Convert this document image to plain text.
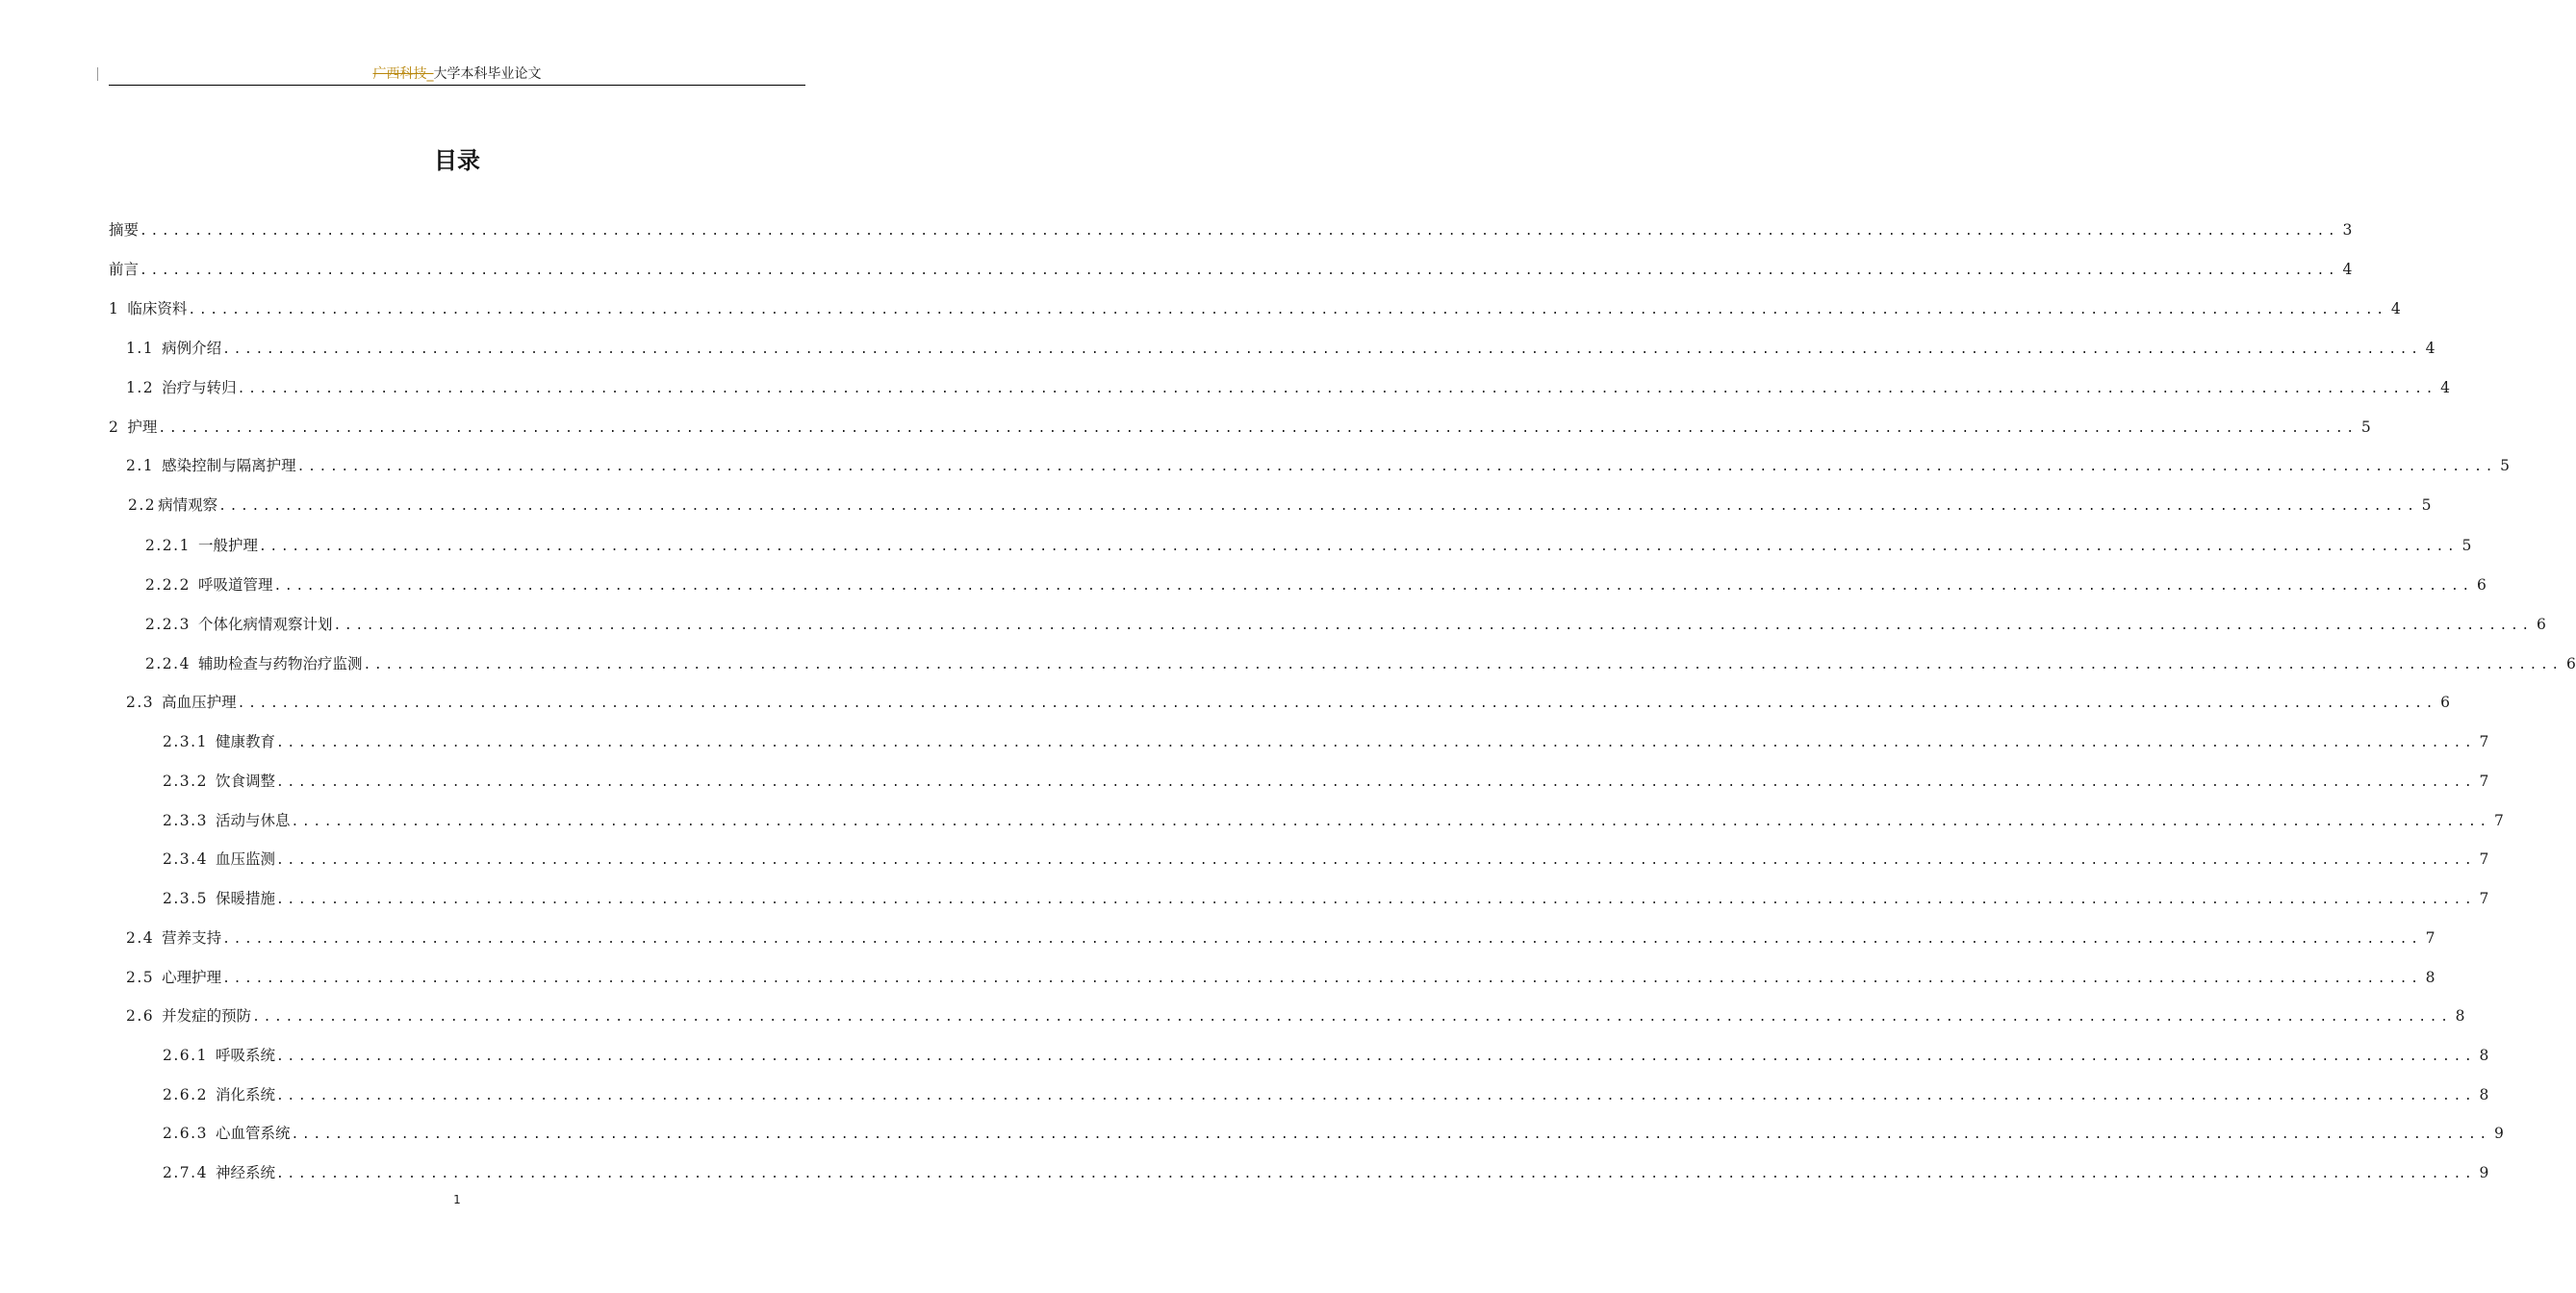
广西科技_大学本科毕业论文
目录
摘要 ........................................................................................................................................................................................................ 3
前言 ........................................................................................................................................................................................................ 4
1 临床资料 ........................................................................................................................................................................................................ 4
1.1 病例介绍 ........................................................................................................................................................................................................ 4
1.2 治疗与转归 ........................................................................................................................................................................................................ 4
2 护理 ........................................................................................................................................................................................................ 5
2.1 感染控制与隔离护理 ........................................................................................................................................................................................................ 5
2.2 病情观察 ........................................................................................................................................................................................................ 5
2.2.1 一般护理 ........................................................................................................................................................................................................ 5
2.2.2 呼吸道管理 ........................................................................................................................................................................................................ 6
2.2.3 个体化病情观察计划 ........................................................................................................................................................................................................ 6
2.2.4 辅助检查与药物治疗监测 ........................................................................................................................................................................................................ 6
2.3 高血压护理 ........................................................................................................................................................................................................ 6
2.3.1 健康教育 ........................................................................................................................................................................................................ 7
2.3.2 饮食调整 ........................................................................................................................................................................................................ 7
2.3.3 活动与休息 ........................................................................................................................................................................................................ 7
2.3.4 血压监测 ........................................................................................................................................................................................................ 7
2.3.5 保暖措施 ........................................................................................................................................................................................................ 7
2.4 营养支持 ........................................................................................................................................................................................................ 7
2.5 心理护理 ........................................................................................................................................................................................................ 8
2.6 并发症的预防 ........................................................................................................................................................................................................ 8
2.6.1 呼吸系统 ........................................................................................................................................................................................................ 8
2.6.2 消化系统 ........................................................................................................................................................................................................ 8
2.6.3 心血管系统 ........................................................................................................................................................................................................ 9
2.7.4 神经系统 ........................................................................................................................................................................................................ 9
1
